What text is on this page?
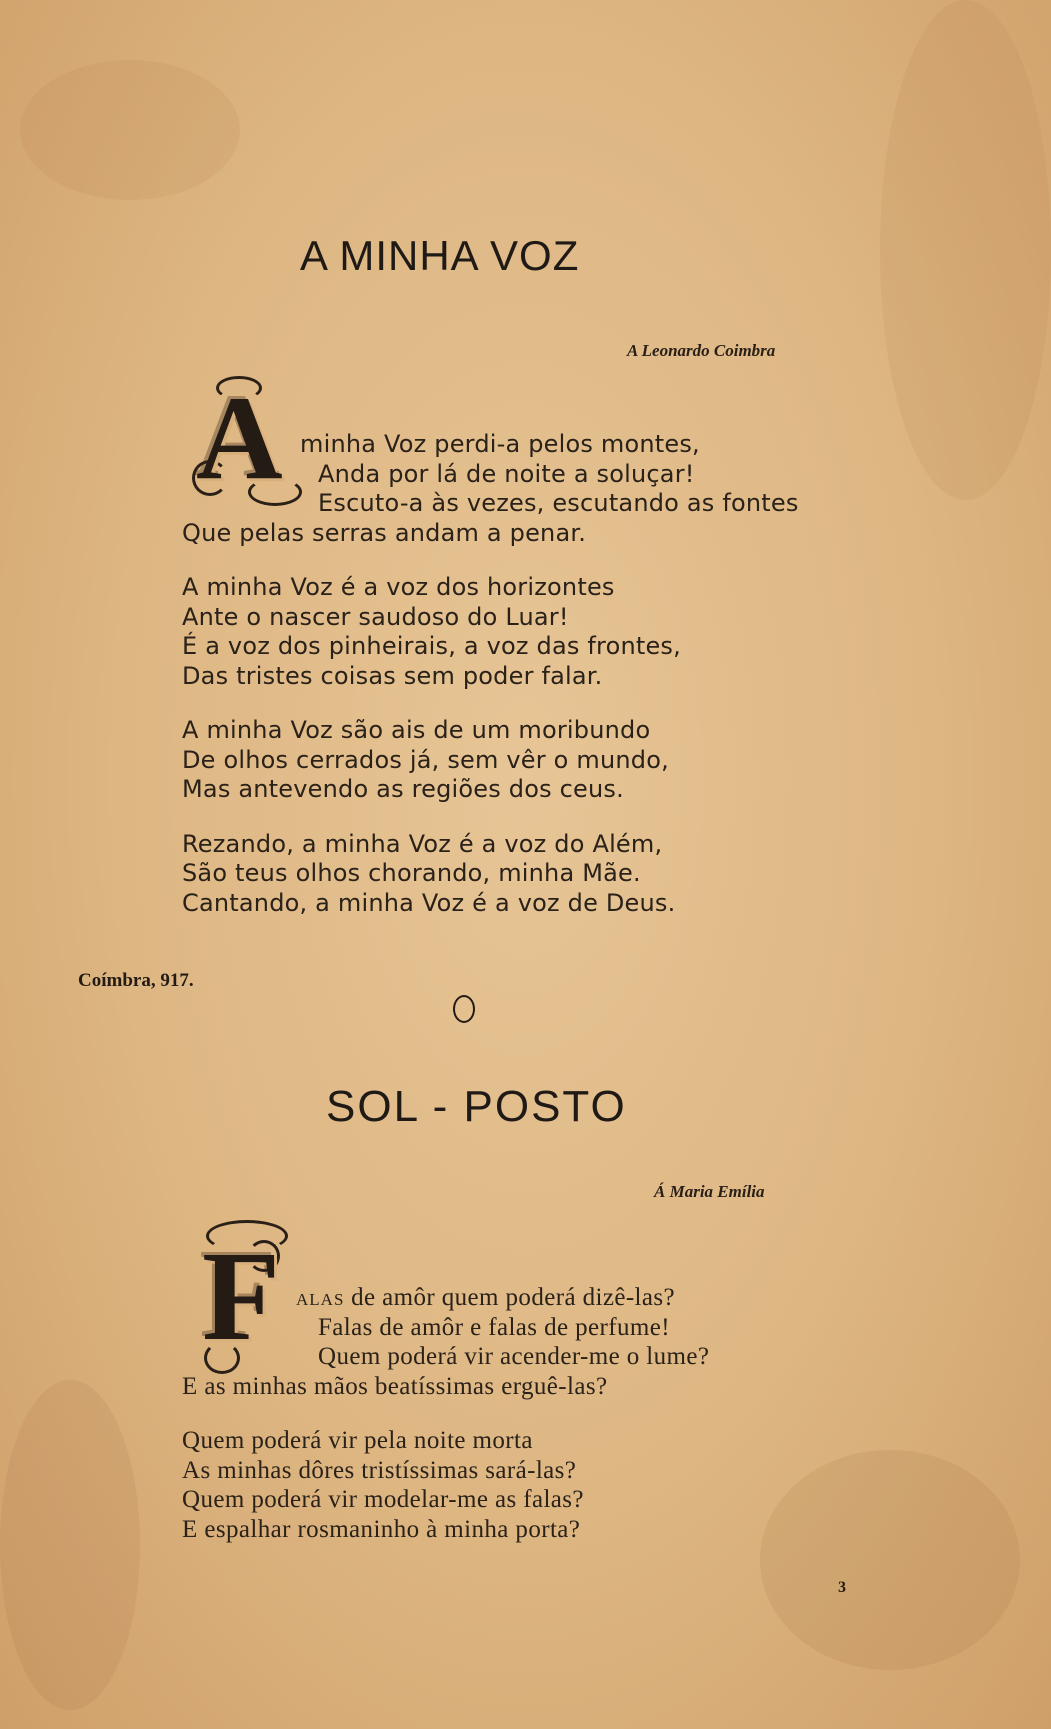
A MINHA VOZ

A Leonardo Coimbra

A minha Voz perdi-a pelos montes,
Anda por lá de noite a soluçar!
Escuto-a às vezes, escutando as fontes
Que pelas serras andam a penar.
A minha Voz é a voz dos horizontes
Ante o nascer saudoso do Luar!
É a voz dos pinheirais, a voz das frontes,
Das tristes coisas sem poder falar.
A minha Voz são ais de um moribundo
De olhos cerrados já, sem vêr o mundo,
Mas antevendo as regiões dos ceus.
Rezando, a minha Voz é a voz do Além,
São teus olhos chorando, minha Mãe.
Cantando, a minha Voz é a voz de Deus.

Coímbra, 917.

SOL - POSTO

Á Maria Emília

F ALAS de amôr quem poderá dizê-las?
Falas de amôr e falas de perfume!
Quem poderá vir acender-me o lume?
E as minhas mãos beatíssimas erguê-las?
Quem poderá vir pela noite morta
As minhas dôres tristíssimas sará-las?
Quem poderá vir modelar-me as falas?
E espalhar rosmaninho à minha porta?

3
